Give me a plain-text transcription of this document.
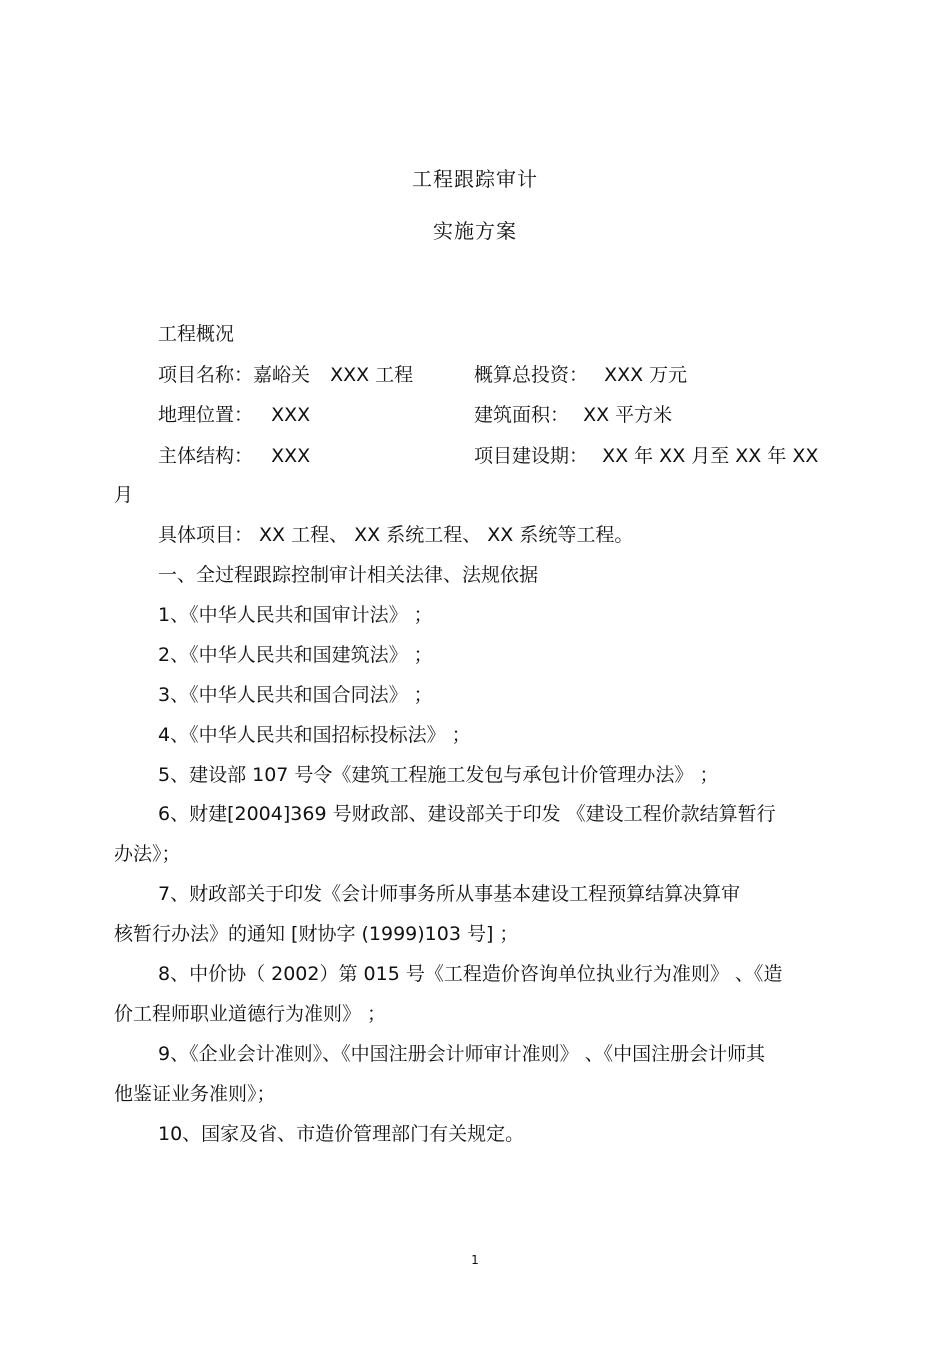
工程跟踪审计
实施方案
工程概况
项目名称：嘉峪关 XXX 工程	概算总投资： XXX 万元
地理位置： XXX	建筑面积： XX 平方米
主体结构： XXX	项目建设期： XX 年 XX 月至 XX 年 XX
月
具体项目： XX 工程、 XX 系统工程、 XX 系统等工程。
一、全过程跟踪控制审计相关法律、法规依据
1、《中华人民共和国审计法》 ；
2、《中华人民共和国建筑法》 ；
3、《中华人民共和国合同法》 ；
4、《中华人民共和国招标投标法》 ；
5、建设部 107 号令《建筑工程施工发包与承包计价管理办法》 ；
6、财建[2004]369 号财政部、建设部关于印发 《建设工程价款结算暂行
办法》；
7、财政部关于印发《会计师事务所从事基本建设工程预算结算决算审
核暂行办法》的通知 [财协字 (1999)103 号] ；
8、中价协（ 2002）第 015 号《工程造价咨询单位执业行为准则》 、《造
价工程师职业道德行为准则》 ；
9、《企业会计准则》、《中国注册会计师审计准则》 、《中国注册会计师其
他鉴证业务准则》；
10、国家及省、市造价管理部门有关规定。
1
